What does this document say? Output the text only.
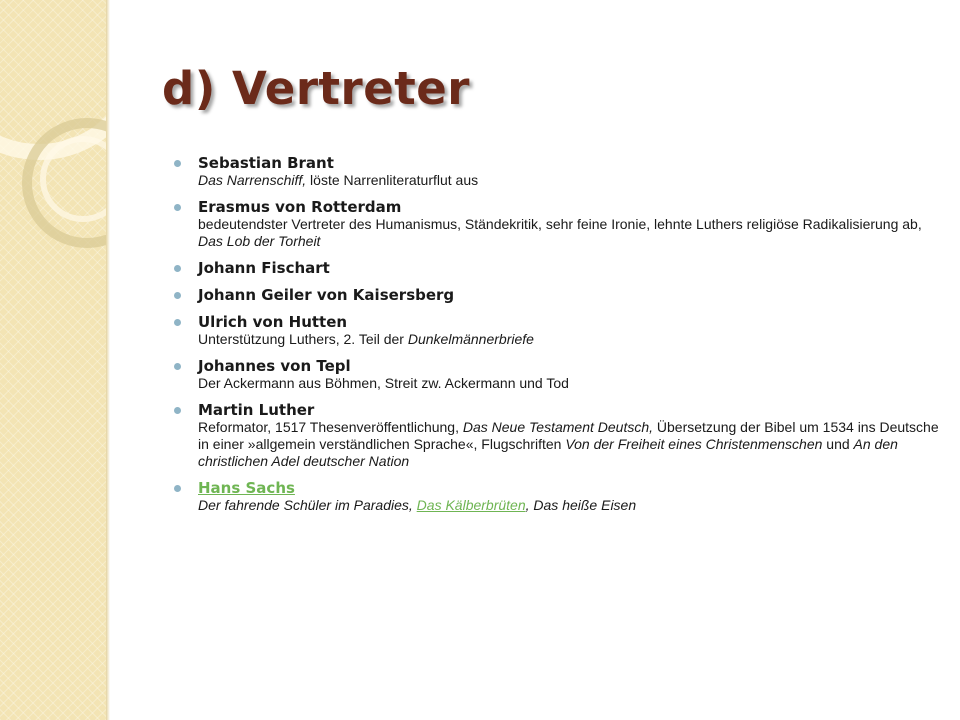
d) Vertreter
Sebastian Brant
Das Narrenschiff, löste Narrenliteraturflut aus
Erasmus von Rotterdam
bedeutendster Vertreter des Humanismus, Ständekritik, sehr feine Ironie, lehnte Luthers religiöse Radikalisierung ab, Das Lob der Torheit
Johann Fischart
Johann Geiler von Kaisersberg
Ulrich von Hutten
Unterstützung Luthers, 2. Teil der Dunkelmännerbriefe
Johannes von Tepl
Der Ackermann aus Böhmen, Streit zw. Ackermann und Tod
Martin Luther
Reformator, 1517 Thesenveröffentlichung, Das Neue Testament Deutsch, Übersetzung der Bibel um 1534 ins Deutsche in einer »allgemein verständlichen Sprache«, Flugschriften Von der Freiheit eines Christenmenschen und An den christlichen Adel deutscher Nation
Hans Sachs
Der fahrende Schüler im Paradies, Das Kälberbrüten, Das heiße Eisen
